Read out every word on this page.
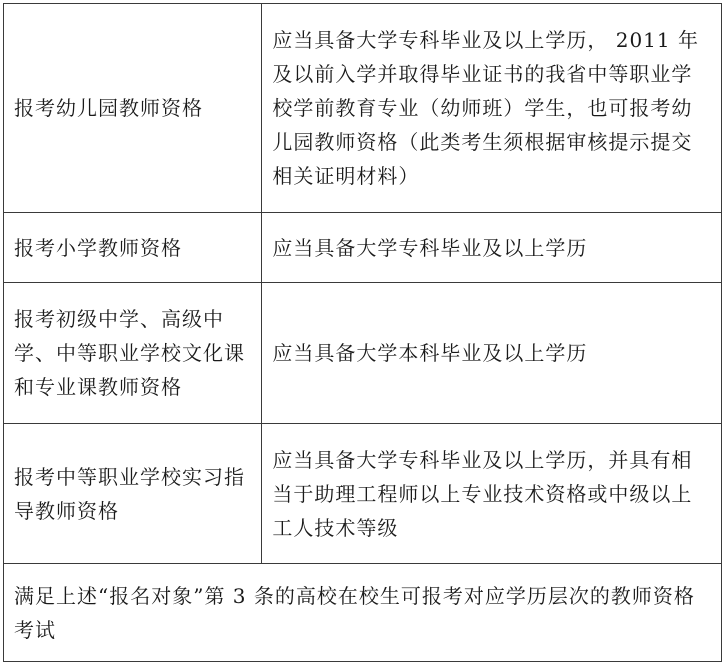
报考幼儿园教师资格	应当具备大学专科毕业及以上学历， 2011 年及以前入学并取得毕业证书的我省中等职业学校学前教育专业（幼师班）学生，也可报考幼儿园教师资格（此类考生须根据审核提示提交相关证明材料）
报考小学教师资格	应当具备大学专科毕业及以上学历
报考初级中学、高级中学、中等职业学校文化课和专业课教师资格	应当具备大学本科毕业及以上学历
报考中等职业学校实习指导教师资格	应当具备大学专科毕业及以上学历，并具有相当于助理工程师以上专业技术资格或中级以上工人技术等级
满足上述“报名对象”第 3 条的高校在校生可报考对应学历层次的教师资格考试	
